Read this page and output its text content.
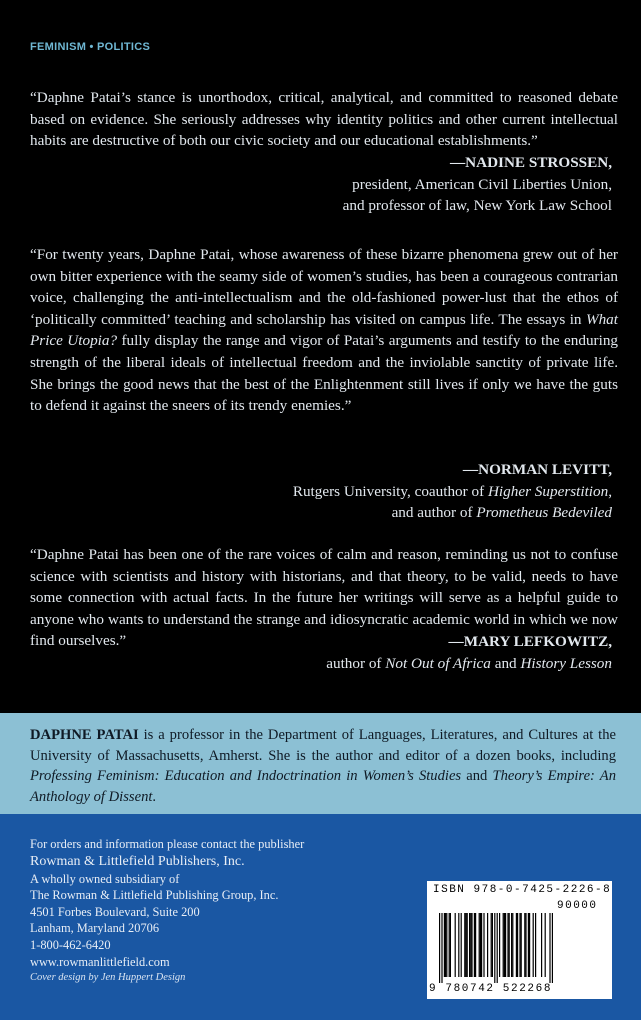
FEMINISM • POLITICS
“Daphne Patai’s stance is unorthodox, critical, analytical, and committed to reasoned debate based on evidence. She seriously addresses why identity politics and other current intellectual habits are destructive of both our civic society and our educational establishments.”
—NADINE STROSSEN,
president, American Civil Liberties Union,
and professor of law, New York Law School
“For twenty years, Daphne Patai, whose awareness of these bizarre phenomena grew out of her own bitter experience with the seamy side of women’s studies, has been a courageous contrarian voice, challenging the anti-intellectualism and the old-fashioned power-lust that the ethos of ‘politically committed’ teaching and scholarship has visited on campus life. The essays in What Price Utopia? fully display the range and vigor of Patai’s arguments and testify to the enduring strength of the liberal ideals of intellectual freedom and the inviolable sanctity of private life. She brings the good news that the best of the Enlightenment still lives if only we have the guts to defend it against the sneers of its trendy enemies.”
—NORMAN LEVITT,
Rutgers University, coauthor of Higher Superstition,
and author of Prometheus Bedeviled
“Daphne Patai has been one of the rare voices of calm and reason, reminding us not to confuse science with scientists and history with historians, and that theory, to be valid, needs to have some connection with actual facts. In the future her writings will serve as a helpful guide to anyone who wants to understand the strange and idiosyncratic academic world in which we now find ourselves.”	—MARY LEFKOWITZ,
author of Not Out of Africa and History Lesson
DAPHNE PATAI is a professor in the Department of Languages, Literatures, and Cultures at the University of Massachusetts, Amherst. She is the author and editor of a dozen books, including Professing Feminism: Education and Indoctrination in Women’s Studies and Theory’s Empire: An Anthology of Dissent.
For orders and information please contact the publisher
Rowman & Littlefield Publishers, Inc.
A wholly owned subsidiary of
The Rowman & Littlefield Publishing Group, Inc.
4501 Forbes Boulevard, Suite 200
Lanham, Maryland 20706
1-800-462-6420
www.rowmanlittlefield.com
Cover design by Jen Huppert Design
ISBN 978-0-7425-2226-8
90000
9 780742 522268
